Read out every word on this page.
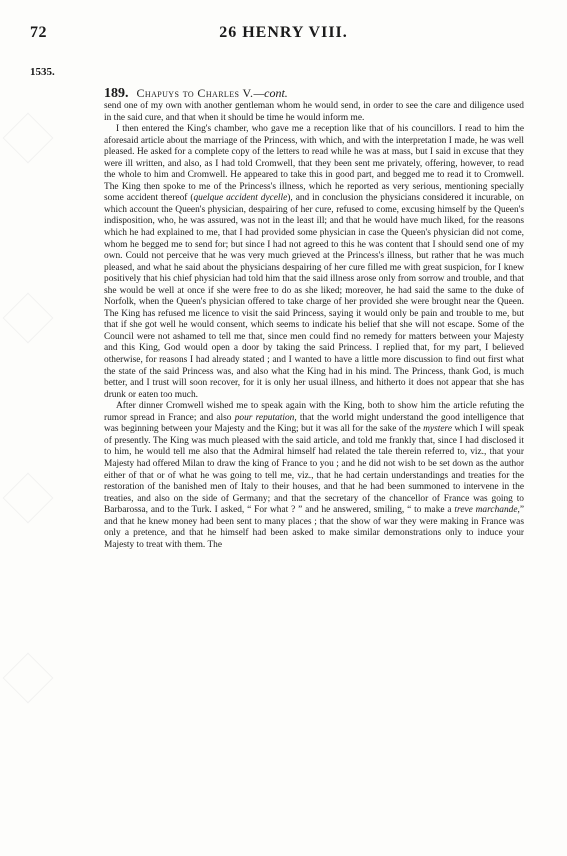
72	26 HENRY VIII.
1535.
189. Chapuys to Charles V.—cont.

send one of my own with another gentleman whom he would send, in order to see the care and diligence used in the said cure, and that when it should be time he would inform me.

I then entered the King's chamber, who gave me a reception like that of his councillors. I read to him the aforesaid article about the marriage of the Princess, with which, and with the interpretation I made, he was well pleased. He asked for a complete copy of the letters to read while he was at mass, but I said in excuse that they were ill written, and also, as I had told Cromwell, that they been sent me privately, offering, however, to read the whole to him and Cromwell. He appeared to take this in good part, and begged me to read it to Cromwell. The King then spoke to me of the Princess's illness, which he reported as very serious, mentioning specially some accident thereof (quelque accident dycelle), and in conclusion the physicians considered it incurable, on which account the Queen's physician, despairing of her cure, refused to come, excusing himself by the Queen's indisposition, who, he was assured, was not in the least ill; and that he would have much liked, for the reasons which he had explained to me, that I had provided some physician in case the Queen's physician did not come, whom he begged me to send for; but since I had not agreed to this he was content that I should send one of my own. Could not perceive that he was very much grieved at the Princess's illness, but rather that he was much pleased, and what he said about the physicians despairing of her cure filled me with great suspicion, for I knew positively that his chief physician had told him that the said illness arose only from sorrow and trouble, and that she would be well at once if she were free to do as she liked; moreover, he had said the same to the duke of Norfolk, when the Queen's physician offered to take charge of her provided she were brought near the Queen. The King has refused me licence to visit the said Princess, saying it would only be pain and trouble to me, but that if she got well he would consent, which seems to indicate his belief that she will not escape. Some of the Council were not ashamed to tell me that, since men could find no remedy for matters between your Majesty and this King, God would open a door by taking the said Princess. I replied that, for my part, I believed otherwise, for reasons I had already stated ; and I wanted to have a little more discussion to find out first what the state of the said Princess was, and also what the King had in his mind. The Princess, thank God, is much better, and I trust will soon recover, for it is only her usual illness, and hitherto it does not appear that she has drunk or eaten too much.

After dinner Cromwell wished me to speak again with the King, both to show him the article refuting the rumor spread in France; and also pour reputation, that the world might understand the good intelligence that was beginning between your Majesty and the King; but it was all for the sake of the mystere which I will speak of presently. The King was much pleased with the said article, and told me frankly that, since I had disclosed it to him, he would tell me also that the Admiral himself had related the tale therein referred to, viz., that your Majesty had offered Milan to draw the king of France to you ; and he did not wish to be set down as the author either of that or of what he was going to tell me, viz., that he had certain understandings and treaties for the restoration of the banished men of Italy to their houses, and that he had been summoned to intervene in the treaties, and also on the side of Germany; and that the secretary of the chancellor of France was going to Barbarossa, and to the Turk. I asked, “ For what ? ” and he answered, smiling, “ to make a treve marchande,” and that he knew money had been sent to many places ; that the show of war they were making in France was only a pretence, and that he himself had been asked to make similar demonstrations only to induce your Majesty to treat with them. The
